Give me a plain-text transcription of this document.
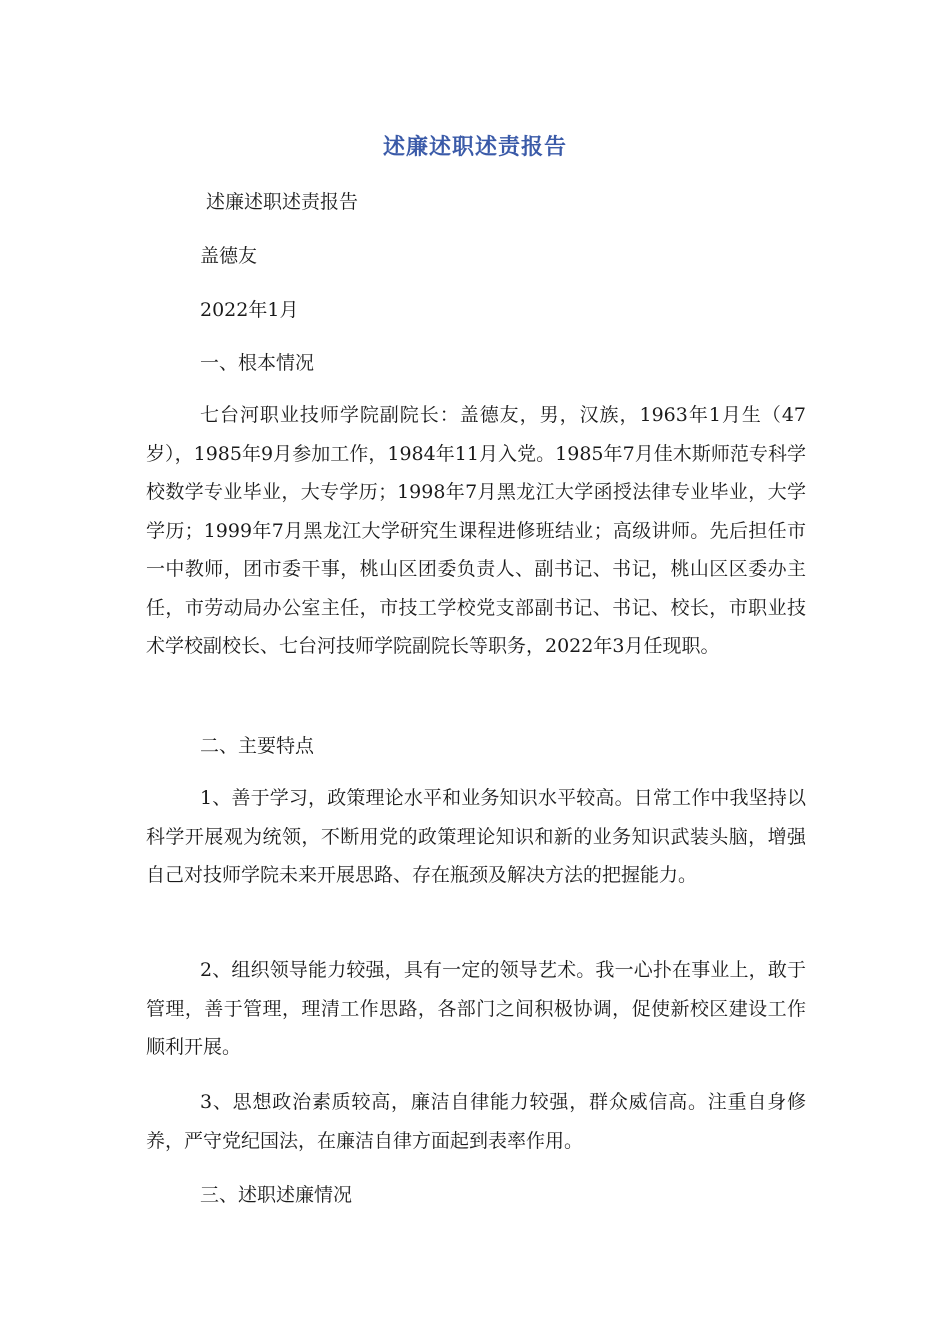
述廉述职述责报告
述廉述职述责报告
盖德友
2022年1月
一、根本情况

七台河职业技师学院副院长：盖德友，男，汉族，1963年1月生（47岁），1985年9月参加工作，1984年11月入党。1985年7月佳木斯师范专科学校数学专业毕业，大专学历；1998年7月黑龙江大学函授法律专业毕业，大学学历；1999年7月黑龙江大学研究生课程进修班结业；高级讲师。先后担任市一中教师，团市委干事，桃山区团委负责人、副书记、书记，桃山区区委办主任，市劳动局办公室主任，市技工学校党支部副书记、书记、校长，市职业技术学校副校长、七台河技师学院副院长等职务，2022年3月任现职。

二、主要特点

1、善于学习，政策理论水平和业务知识水平较高。日常工作中我坚持以科学开展观为统领，不断用党的政策理论知识和新的业务知识武装头脑，增强自己对技师学院未来开展思路、存在瓶颈及解决方法的把握能力。

2、组织领导能力较强，具有一定的领导艺术。我一心扑在事业上，敢于管理，善于管理，理清工作思路，各部门之间积极协调，促使新校区建设工作顺利开展。

3、思想政治素质较高，廉洁自律能力较强，群众威信高。注重自身修养，严守党纪国法，在廉洁自律方面起到表率作用。

三、述职述廉情况
